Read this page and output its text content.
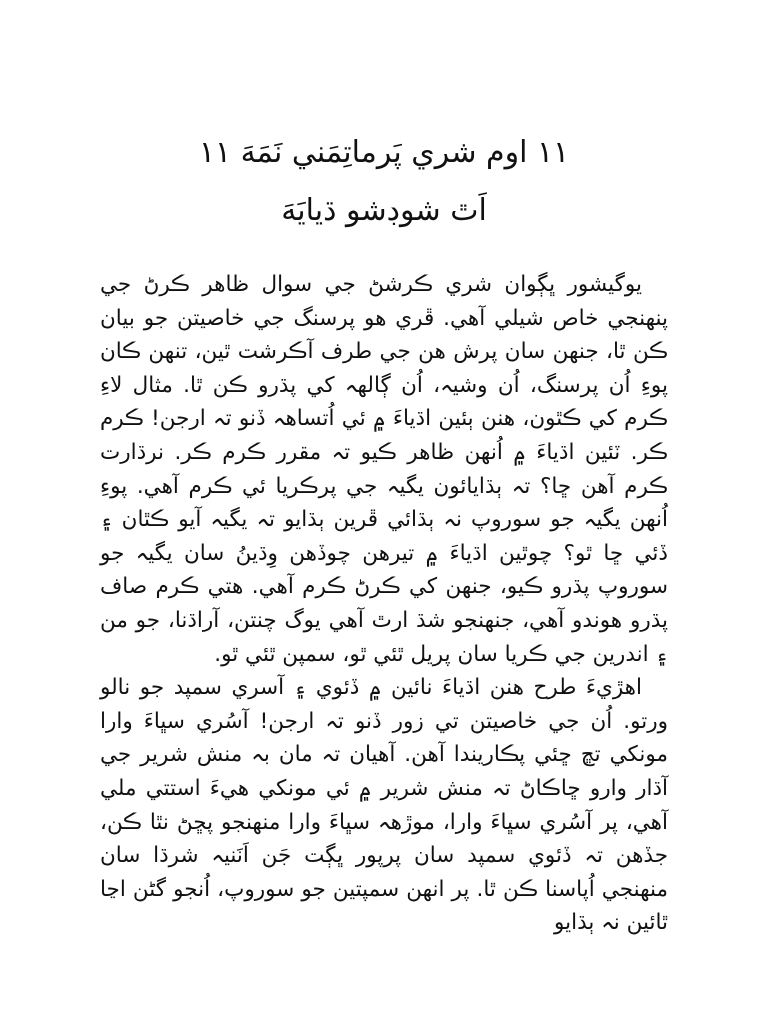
١١ اوم شري پَرماتِمَني نَمَهَ ١١
اَٿ شوڊشو ڌيايَهَ

يوگيشور ڀڳوان شري ڪرشڻ جي سوال ظاهر ڪرڻ جي پنهنجي خاص شيلي آهي. ڦري هو پرسنگ جي خاصيتن جو بيان ڪن ٿا، جنهن سان پرش هن جي طرف آڪرشت ٿين، تنهن ڪان پوءِ اُن پرسنگ، اُن وشيہ، اُن ڳالهہ کي پڌرو ڪن ٿا. مثال لاءِ ڪرم کي ڪٿون، هنن ٻئين اڌياءَ ۾ ئي اُتساهہ ڏنو تہ ارجن! ڪرم ڪر. ٽئين اڌياءَ ۾ اُنهن ظاهر ڪيو تہ مقرر ڪرم ڪر. نرڌارت ڪرم آهن ڇا؟ تہ ٻڌايائون يگيہ جي پرڪريا ئي ڪرم آهي. پوءِ اُنهن يگيہ جو سوروپ نہ ٻڌائي ڦرين ٻڌايو تہ يگيہ آيو ڪٿان ۽ ڏئي ڇا ٿو؟ چوٿين اڌياءَ ۾ تيرهن چوڏهن وِڌينُ سان يگيہ جو سوروپ پڌرو ڪيو، جنهن کي ڪرڻ ڪرم آهي. هتي ڪرم صاف پڌرو هوندو آهي، جنهنجو شڌ ارٿ آهي يوگ چنتن، آراڌنا، جو من ۽ اندرين جي ڪريا سان پريل ٿئي ٿو، سمپن ٿئي ٿو.

اهڙيءَ طرح هنن اڌياءَ نائين ۾ ڏئوي ۽ آسري سمپد جو نالو ورتو. اُن جي خاصيتن تي زور ڏنو تہ ارجن! آسُري سڀاءَ وارا مونکي تڇ ڇئي پڪاريندا آهن. آهيان تہ مان بہ منش شرير جي آڌار وارو ڇاڪاڻ تہ منش شرير ۾ ئي مونکي هيءَ استتي ملي آهي، پر آسُري سڀاءَ وارا، موڙهہ سڀاءَ وارا منهنجو پڇڻ نٿا ڪن، جڏهن تہ ڏئوي سمپد سان پرپور ڀڳت جَن اَنَنيہ شرڌا سان منهنجي اُپاسنا ڪن ٿا. پر انهن سمپتين جو سوروپ، اُنجو گڻن اڃا ٿائين نہ ٻڌايو
